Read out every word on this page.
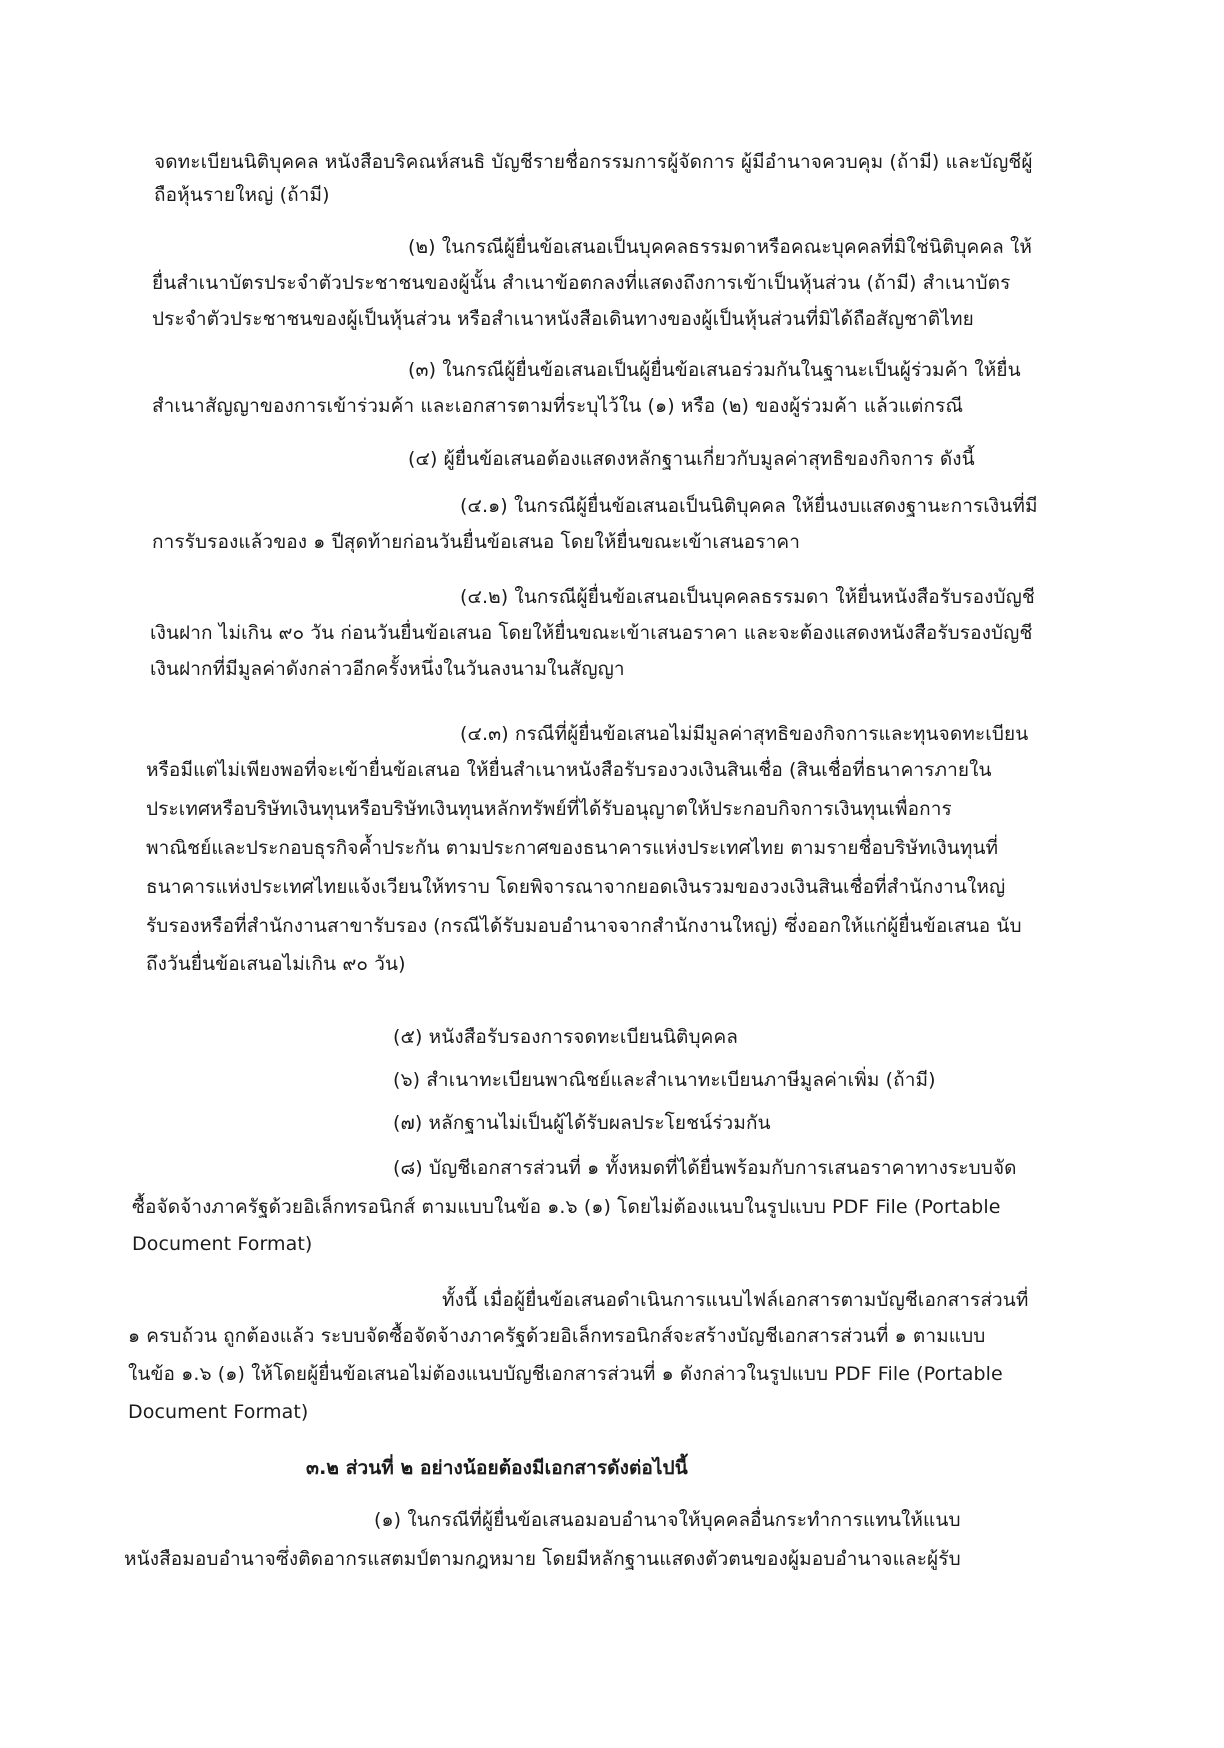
จดทะเบียนนิติบุคคล หนังสือบริคณห์สนธิ บัญชีรายชื่อกรรมการผู้จัดการ ผู้มีอำนาจควบคุม (ถ้ามี) และบัญชีผู้
ถือหุ้นรายใหญ่ (ถ้ามี)
(๒) ในกรณีผู้ยื่นข้อเสนอเป็นบุคคลธรรมดาหรือคณะบุคคลที่มิใช่นิติบุคคล ให้
ยื่นสำเนาบัตรประจำตัวประชาชนของผู้นั้น สำเนาข้อตกลงที่แสดงถึงการเข้าเป็นหุ้นส่วน (ถ้ามี) สำเนาบัตร
ประจำตัวประชาชนของผู้เป็นหุ้นส่วน หรือสำเนาหนังสือเดินทางของผู้เป็นหุ้นส่วนที่มิได้ถือสัญชาติไทย
(๓) ในกรณีผู้ยื่นข้อเสนอเป็นผู้ยื่นข้อเสนอร่วมกันในฐานะเป็นผู้ร่วมค้า ให้ยื่น
สำเนาสัญญาของการเข้าร่วมค้า และเอกสารตามที่ระบุไว้ใน (๑) หรือ (๒) ของผู้ร่วมค้า แล้วแต่กรณี
(๔) ผู้ยื่นข้อเสนอต้องแสดงหลักฐานเกี่ยวกับมูลค่าสุทธิของกิจการ ดังนี้
(๔.๑) ในกรณีผู้ยื่นข้อเสนอเป็นนิติบุคคล ให้ยื่นงบแสดงฐานะการเงินที่มี
การรับรองแล้วของ ๑ ปีสุดท้ายก่อนวันยื่นข้อเสนอ โดยให้ยื่นขณะเข้าเสนอราคา
(๔.๒) ในกรณีผู้ยื่นข้อเสนอเป็นบุคคลธรรมดา ให้ยื่นหนังสือรับรองบัญชี
เงินฝาก ไม่เกิน ๙๐ วัน ก่อนวันยื่นข้อเสนอ โดยให้ยื่นขณะเข้าเสนอราคา และจะต้องแสดงหนังสือรับรองบัญชี
เงินฝากที่มีมูลค่าดังกล่าวอีกครั้งหนึ่งในวันลงนามในสัญญา
(๔.๓) กรณีที่ผู้ยื่นข้อเสนอไม่มีมูลค่าสุทธิของกิจการและทุนจดทะเบียน
หรือมีแต่ไม่เพียงพอที่จะเข้ายื่นข้อเสนอ ให้ยื่นสำเนาหนังสือรับรองวงเงินสินเชื่อ (สินเชื่อที่ธนาคารภายใน
ประเทศหรือบริษัทเงินทุนหรือบริษัทเงินทุนหลักทรัพย์ที่ได้รับอนุญาตให้ประกอบกิจการเงินทุนเพื่อการ
พาณิชย์และประกอบธุรกิจค้ำประกัน ตามประกาศของธนาคารแห่งประเทศไทย ตามรายชื่อบริษัทเงินทุนที่
ธนาคารแห่งประเทศไทยแจ้งเวียนให้ทราบ โดยพิจารณาจากยอดเงินรวมของวงเงินสินเชื่อที่สำนักงานใหญ่
รับรองหรือที่สำนักงานสาขารับรอง (กรณีได้รับมอบอำนาจจากสำนักงานใหญ่) ซึ่งออกให้แก่ผู้ยื่นข้อเสนอ นับ
ถึงวันยื่นข้อเสนอไม่เกิน ๙๐ วัน)
(๕) หนังสือรับรองการจดทะเบียนนิติบุคคล
(๖) สำเนาทะเบียนพาณิชย์และสำเนาทะเบียนภาษีมูลค่าเพิ่ม (ถ้ามี)
(๗) หลักฐานไม่เป็นผู้ได้รับผลประโยชน์ร่วมกัน
(๘) บัญชีเอกสารส่วนที่ ๑ ทั้งหมดที่ได้ยื่นพร้อมกับการเสนอราคาทางระบบจัด
ซื้อจัดจ้างภาครัฐด้วยอิเล็กทรอนิกส์ ตามแบบในข้อ ๑.๖ (๑) โดยไม่ต้องแนบในรูปแบบ PDF File (Portable
Document Format)
ทั้งนี้ เมื่อผู้ยื่นข้อเสนอดำเนินการแนบไฟล์เอกสารตามบัญชีเอกสารส่วนที่
๑ ครบถ้วน ถูกต้องแล้ว ระบบจัดซื้อจัดจ้างภาครัฐด้วยอิเล็กทรอนิกส์จะสร้างบัญชีเอกสารส่วนที่ ๑ ตามแบบ
ในข้อ ๑.๖ (๑) ให้โดยผู้ยื่นข้อเสนอไม่ต้องแนบบัญชีเอกสารส่วนที่ ๑ ดังกล่าวในรูปแบบ PDF File (Portable
Document Format)
๓.๒ ส่วนที่ ๒ อย่างน้อยต้องมีเอกสารดังต่อไปนี้
(๑) ในกรณีที่ผู้ยื่นข้อเสนอมอบอำนาจให้บุคคลอื่นกระทำการแทนให้แนบ
หนังสือมอบอำนาจซึ่งติดอากรแสตมป์ตามกฎหมาย โดยมีหลักฐานแสดงตัวตนของผู้มอบอำนาจและผู้รับ
